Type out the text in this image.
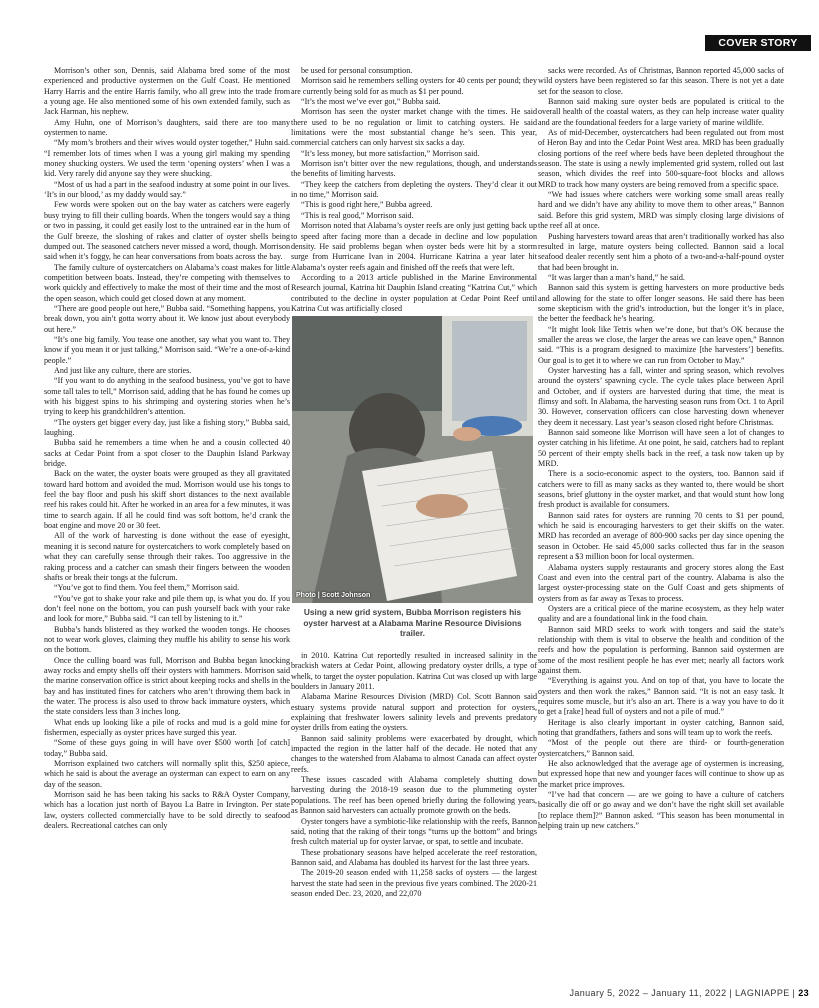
COVER STORY

Morrison’s other son, Dennis, said Alabama bred some of the most experienced and productive oystermen on the Gulf Coast. He mentioned Harry Harris and the entire Harris family, who all grew into the trade from a young age. He also mentioned some of his own extended family, such as Jack Harman, his nephew.

Amy Huhn, one of Morrison’s daughters, said there are too many oystermen to name.

“My mom’s brothers and their wives would oyster together,” Huhn said. “I remember lots of times when I was a young girl making my spending money shucking oysters. We used the term ‘opening oysters’ when I was a kid. Very rarely did anyone say they were shucking.

“Most of us had a part in the seafood industry at some point in our lives. ‘It’s in our blood,’ as my daddy would say.”

Few words were spoken out on the bay water as catchers were eagerly busy trying to fill their culling boards. When the tongers would say a thing or two in passing, it could get easily lost to the untrained ear in the hum of the Gulf breeze, the sloshing of rakes and clatter of oyster shells being dumped out. The seasoned catchers never missed a word, though. Morrison said when it’s foggy, he can hear conversations from boats across the bay.

The family culture of oystercatchers on Alabama’s coast makes for little competition between boats. Instead, they’re competing with themselves to work quickly and effectively to make the most of their time and the most of the open season, which could get closed down at any moment.

“There are good people out here,” Bubba said. “Something happens, you break down, you ain’t gotta worry about it. We know just about everybody out here.”

“It’s one big family. You tease one another, say what you want to. They know if you mean it or just talking,” Morrison said. “We’re a one-of-a-kind people.”

And just like any culture, there are stories.

“If you want to do anything in the seafood business, you’ve got to have some tall tales to tell,” Morrison said, adding that he has found he comes up with his biggest spins to his shrimping and oystering stories when he’s trying to keep his grandchildren’s attention.

“The oysters get bigger every day, just like a fishing story,” Bubba said, laughing.

Bubba said he remembers a time when he and a cousin collected 40 sacks at Cedar Point from a spot closer to the Dauphin Island Parkway bridge.

Back on the water, the oyster boats were grouped as they all gravitated toward hard bottom and avoided the mud. Morrison would use his tongs to feel the bay floor and push his skiff short distances to the next available reef his rakes could hit. After he worked in an area for a few minutes, it was time to search again. If all he could find was soft bottom, he’d crank the boat engine and move 20 or 30 feet.

All of the work of harvesting is done without the ease of eyesight, meaning it is second nature for oystercatchers to work completely based on what they can carefully sense through their rakes. Too aggressive in the raking process and a catcher can smash their fingers between the wooden shafts or break their tongs at the fulcrum.

“You’ve got to find them. You feel them,” Morrison said.

“You’ve got to shake your rake and pile them up, is what you do. If you don’t feel none on the bottom, you can push yourself back with your rake and look for more,” Bubba said. “I can tell by listening to it.”

Bubba’s hands blistered as they worked the wooden tongs. He chooses not to wear work gloves, claiming they muffle his ability to sense his work on the bottom.

Once the culling board was full, Morrison and Bubba began knocking away rocks and empty shells off their oysters with hammers. Morrison said the marine conservation office is strict about keeping rocks and shells in the bay and has instituted fines for catchers who aren’t throwing them back in the water. The process is also used to throw back immature oysters, which the state considers less than 3 inches long.

What ends up looking like a pile of rocks and mud is a gold mine for fishermen, especially as oyster prices have surged this year.

“Some of these guys going in will have over $500 worth [of catch] today,” Bubba said.

Morrison explained two catchers will normally split this, $250 apiece, which he said is about the average an oysterman can expect to earn on any day of the season.

Morrison said he has been taking his sacks to R&A Oyster Company, which has a location just north of Bayou La Batre in Irvington. Per state law, oysters collected commercially have to be sold directly to seafood dealers. Recreational catches can only

be used for personal consumption.

Morrison said he remembers selling oysters for 40 cents per pound; they are currently being sold for as much as $1 per pound.

“It’s the most we’ve ever got,” Bubba said.

Morrison has seen the oyster market change with the times. He said there used to be no regulation or limit to catching oysters. He said limitations were the most substantial change he’s seen. This year, commercial catchers can only harvest six sacks a day.

“It’s less money, but more satisfaction,” Morrison said.

Morrison isn’t bitter over the new regulations, though, and understands the benefits of limiting harvests.

“They keep the catchers from depleting the oysters. They’d clear it out in no time,” Morrison said.

“This is good right here,” Bubba agreed.

“This is real good,” Morrison said.

Morrison noted that Alabama’s oyster reefs are only just getting back up to speed after facing more than a decade in decline and low population density. He said problems began when oyster beds were hit by a storm surge from Hurricane Ivan in 2004. Hurricane Katrina a year later hit Alabama’s oyster reefs again and finished off the reefs that were left.

According to a 2013 article published in the Marine Environmental Research journal, Katrina hit Dauphin Island creating “Katrina Cut,” which contributed to the decline in oyster population at Cedar Point Reef until Katrina Cut was artificially closed

Photo | Scott Johnson
Using a new grid system, Bubba Morrison registers his oyster harvest at a Alabama Marine Resource Divisions trailer.

in 2010. Katrina Cut reportedly resulted in increased salinity in the brackish waters at Cedar Point, allowing predatory oyster drills, a type of whelk, to target the oyster population. Katrina Cut was closed up with large boulders in January 2011.

Alabama Marine Resources Division (MRD) Col. Scott Bannon said estuary systems provide natural support and protection for oysters, explaining that freshwater lowers salinity levels and prevents predatory oyster drills from eating the oysters.

Bannon said salinity problems were exacerbated by drought, which impacted the region in the latter half of the decade. He noted that any changes to the watershed from Alabama to almost Canada can affect oyster reefs.

These issues cascaded with Alabama completely shutting down harvesting during the 2018-19 season due to the plummeting oyster populations. The reef has been opened briefly during the following years, as Bannon said harvesters can actually promote growth on the beds.

Oyster tongers have a symbiotic-like relationship with the reefs, Bannon said, noting that the raking of their tongs “turns up the bottom” and brings fresh cultch material up for oyster larvae, or spat, to settle and incubate.

These probationary seasons have helped accelerate the reef restoration, Bannon said, and Alabama has doubled its harvest for the last three years.

The 2019-20 season ended with 11,258 sacks of oysters — the largest harvest the state had seen in the previous five years combined. The 2020-21 season ended Dec. 23, 2020, and 22,070

sacks were recorded. As of Christmas, Bannon reported 45,000 sacks of wild oysters have been registered so far this season. There is not yet a date set for the season to close.

Bannon said making sure oyster beds are populated is critical to the overall health of the coastal waters, as they can help increase water quality and are the foundational feeders for a large variety of marine wildlife.

As of mid-December, oystercatchers had been regulated out from most of Heron Bay and into the Cedar Point West area. MRD has been gradually closing portions of the reef where beds have been depleted throughout the season. The state is using a newly implemented grid system, rolled out last season, which divides the reef into 500-square-foot blocks and allows MRD to track how many oysters are being removed from a specific space.

“We had issues where catchers were working some small areas really hard and we didn’t have any ability to move them to other areas,” Bannon said. Before this grid system, MRD was simply closing large divisions of the reef all at once.

Pushing harvesters toward areas that aren’t traditionally worked has also resulted in large, mature oysters being collected. Bannon said a local seafood dealer recently sent him a photo of a two-and-a-half-pound oyster that had been brought in.

“It was larger than a man’s hand,” he said.

Bannon said this system is getting harvesters on more productive beds and allowing for the state to offer longer seasons. He said there has been some skepticism with the grid’s introduction, but the longer it’s in place, the better the feedback he’s hearing.

“It might look like Tetris when we’re done, but that’s OK because the smaller the areas we close, the larger the areas we can leave open,” Bannon said. “This is a program designed to maximize [the harvesters’] benefits. Our goal is to get it to where we can run from October to May.”

Oyster harvesting has a fall, winter and spring season, which revolves around the oysters’ spawning cycle. The cycle takes place between April and October, and if oysters are harvested during that time, the meat is flimsy and soft. In Alabama, the harvesting season runs from Oct. 1 to April 30. However, conservation officers can close harvesting down whenever they deem it necessary. Last year’s season closed right before Christmas.

Bannon said someone like Morrison will have seen a lot of changes to oyster catching in his lifetime. At one point, he said, catchers had to replant 50 percent of their empty shells back in the reef, a task now taken up by MRD.

There is a socio-economic aspect to the oysters, too. Bannon said if catchers were to fill as many sacks as they wanted to, there would be short seasons, brief gluttony in the oyster market, and that would stunt how long fresh product is available for consumers.

Bannon said rates for oysters are running 70 cents to $1 per pound, which he said is encouraging harvesters to get their skiffs on the water. MRD has recorded an average of 800-900 sacks per day since opening the season in October. He said 45,000 sacks collected thus far in the season represent a $3 million boon for local oystermen.

Alabama oysters supply restaurants and grocery stores along the East Coast and even into the central part of the country. Alabama is also the largest oyster-processing state on the Gulf Coast and gets shipments of oysters from as far away as Texas to process.

Oysters are a critical piece of the marine ecosystem, as they help water quality and are a foundational link in the food chain.

Bannon said MRD seeks to work with tongers and said the state’s relationship with them is vital to observe the health and condition of the reefs and how the population is performing. Bannon said oystermen are some of the most resilient people he has ever met; nearly all factors work against them.

“Everything is against you. And on top of that, you have to locate the oysters and then work the rakes,” Bannon said. “It is not an easy task. It requires some muscle, but it’s also an art. There is a way you have to do it to get a [rake] head full of oysters and not a pile of mud.”

Heritage is also clearly important in oyster catching, Bannon said, noting that grandfathers, fathers and sons will team up to work the reefs.

“Most of the people out there are third- or fourth-generation oystercatchers,” Bannon said.

He also acknowledged that the average age of oystermen is increasing, but expressed hope that new and younger faces will continue to show up as the market price improves.

“I’ve had that concern — are we going to have a culture of catchers basically die off or go away and we don’t have the right skill set available [to replace them]?” Bannon asked. “This season has been monumental in helping train up new catchers.”

January 5, 2022 – January 11, 2022 | LAGNIAPPE | 23
